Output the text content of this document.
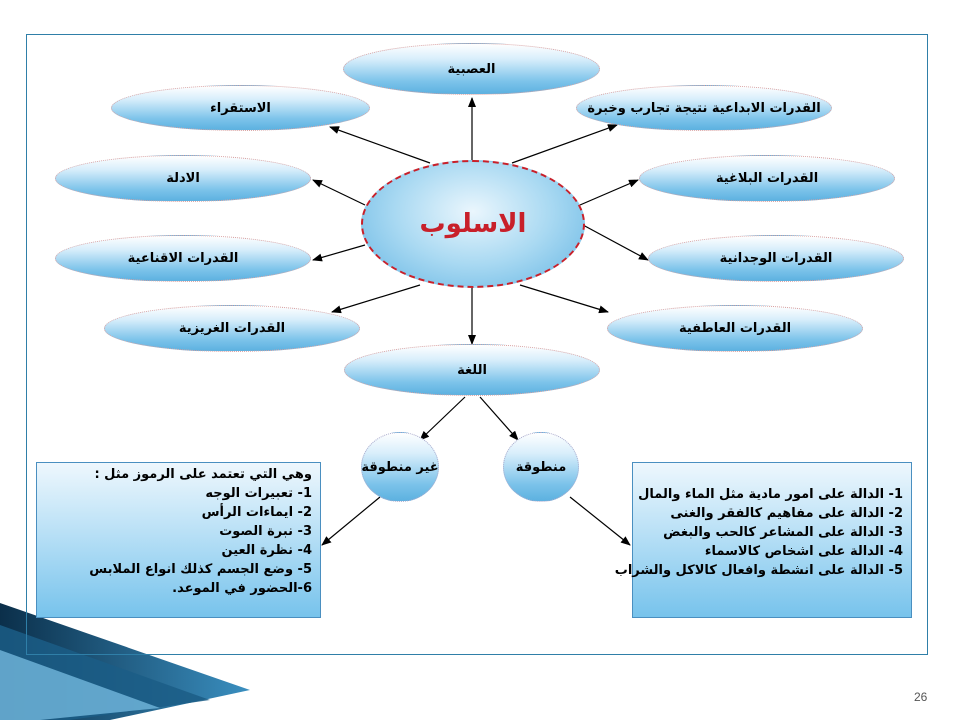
العصبية
الاستقراء	القدرات الابداعية نتيجة تجارب وخبرة
الادلة	القدرات البلاغية
القدرات الاقناعية	القدرات الوجدانية
القدرات الغريزية	القدرات العاطفية
اللغة
الاسلوب
غير منطوقة	منطوقة
وهي التي تعتمد على الرموز مثل :
1- تعبيرات الوجه
2- ايماءات الرأس
3- نبرة الصوت
4- نظرة العين
5- وضع الجسم كذلك انواع الملابس
6-الحضور في الموعد.
1- الدالة على امور مادية مثل الماء والمال
2- الدالة على مفاهيم كالفقر والغنى
3- الدالة على المشاعر كالحب والبغض
4- الدالة على اشخاص كالاسماء
5- الدالة على انشطة وافعال كالاكل والشراب
26
